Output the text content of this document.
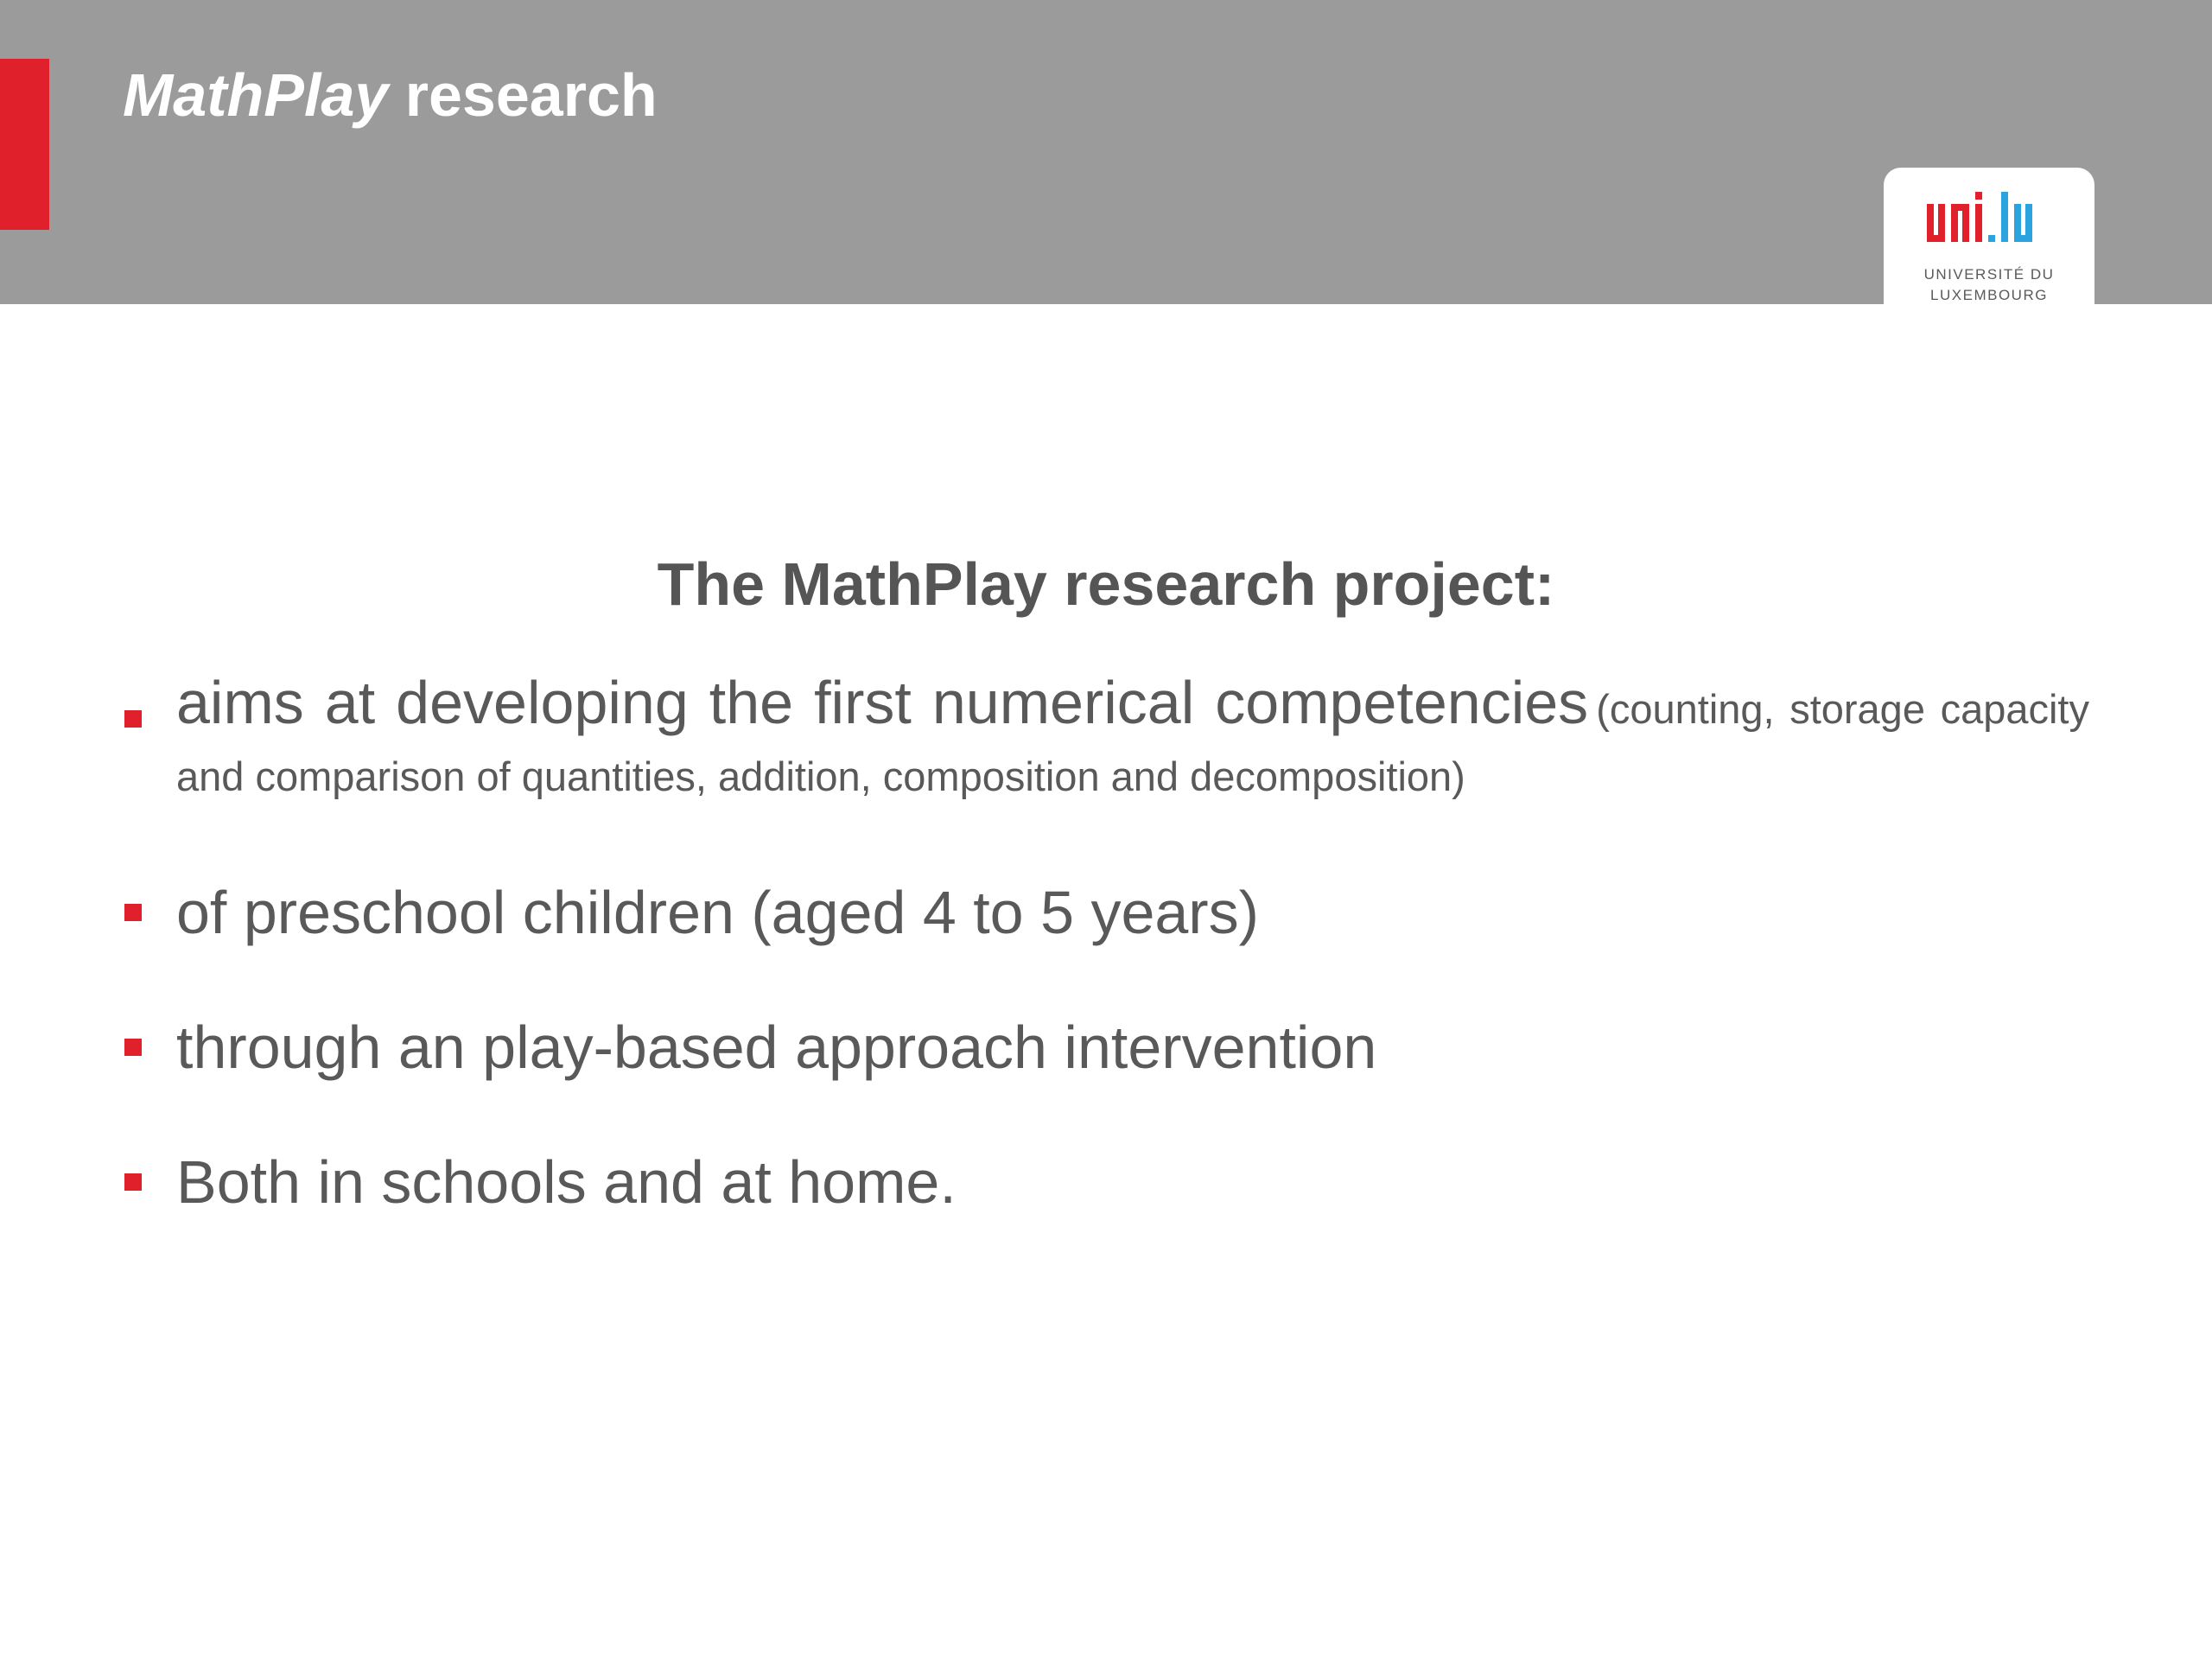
MathPlay research
UNIVERSITÉ DU
LUXEMBOURG
The MathPlay research project:
aims at developing the first numerical competencies (counting, storage capacity and comparison of quantities, addition, composition and decomposition)
of preschool children (aged 4 to 5 years)
through an play-based approach intervention
Both in schools and at home.
